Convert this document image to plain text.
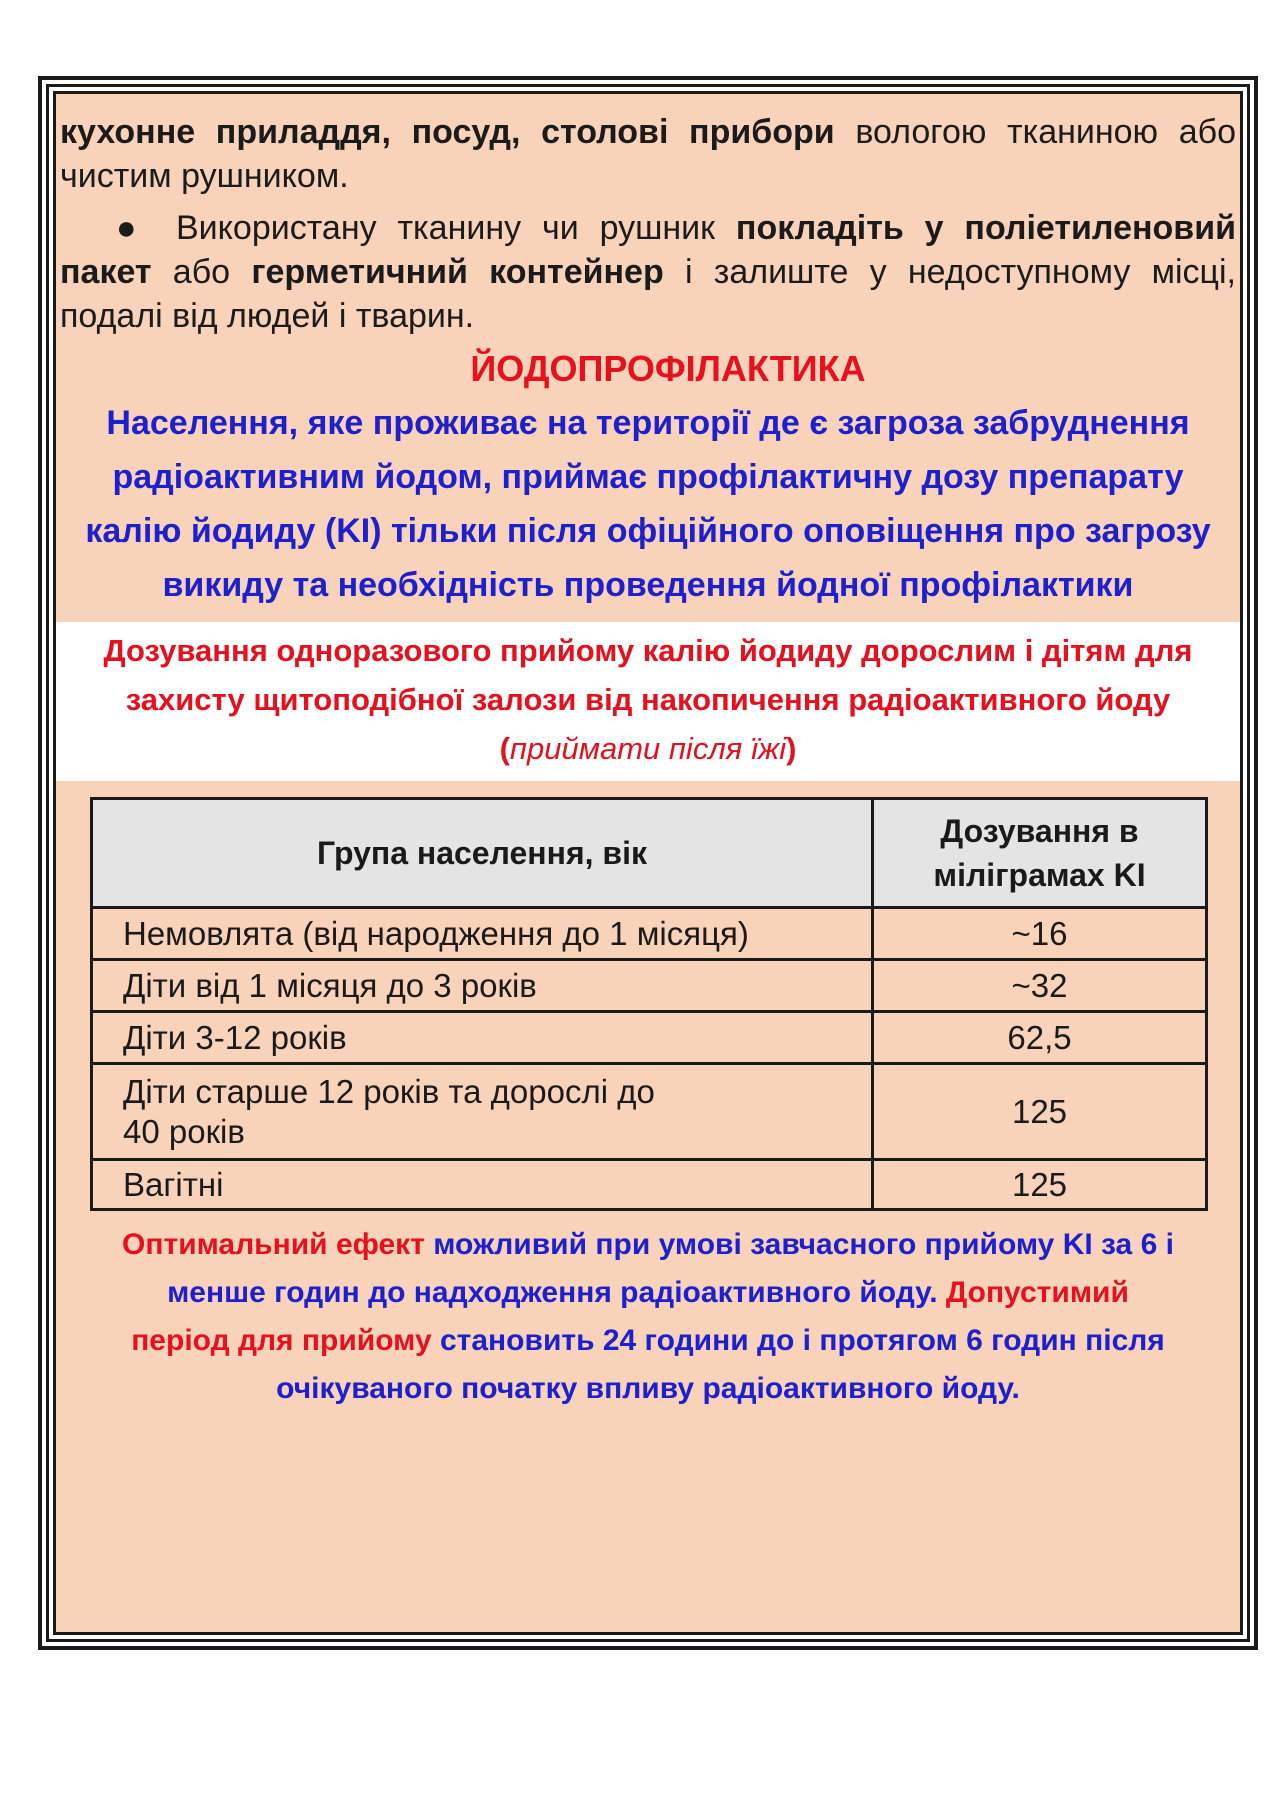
кухонне приладдя, посуд, столові прибори вологою тканиною або чистим рушником.

● Використану тканину чи рушник покладіть у поліетиленовий пакет або герметичний контейнер і залиште у недоступному місці, подалі від людей і тварин.

ЙОДОПРОФІЛАКТИКА
Населення, яке проживає на території де є загроза забруднення радіоактивним йодом, приймає профілактичну дозу препарату калію йодиду (KI) тільки після офіційного оповіщення про загрозу викиду та необхідність проведення йодної профілактики
Дозування одноразового прийому калію йодиду дорослим і дітям для захисту щитоподібної залози від накопичення радіоактивного йоду (приймати після їжі)
Група населення, вік	Дозування в міліграмах KI
Немовлята (від народження до 1 місяця)	~16
Діти від 1 місяця до 3 років	~32
Діти 3-12 років	62,5
Діти старше 12 років та дорослі до 40 років	125
Вагітні	125
Оптимальний ефект можливий при умові завчасного прийому KI за 6 і менше годин до надходження радіоактивного йоду. Допустимий період для прийому становить 24 години до і протягом 6 годин після очікуваного початку впливу радіоактивного йоду.
